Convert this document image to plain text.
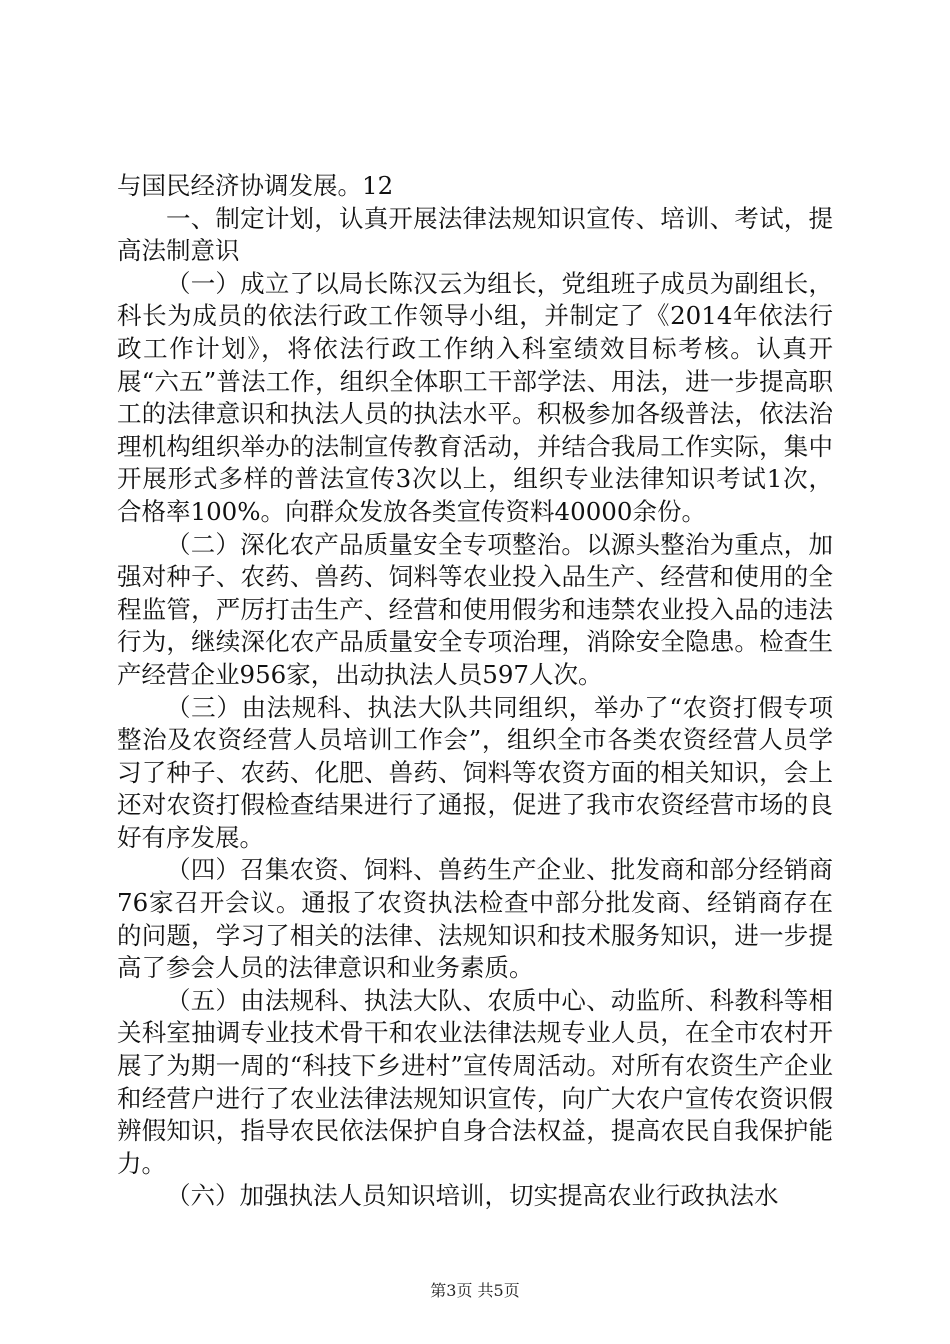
与国民经济协调发展。12

一、制定计划，认真开展法律法规知识宣传、培训、考试，提高法制意识

（一）成立了以局长陈汉云为组长，党组班子成员为副组长，科长为成员的依法行政工作领导小组，并制定了《2014年依法行政工作计划》，将依法行政工作纳入科室绩效目标考核。认真开展“六五”普法工作，组织全体职工干部学法、用法，进一步提高职工的法律意识和执法人员的执法水平。积极参加各级普法，依法治理机构组织举办的法制宣传教育活动，并结合我局工作实际，集中开展形式多样的普法宣传3次以上，组织专业法律知识考试1次，合格率100%。向群众发放各类宣传资料40000余份。

（二）深化农产品质量安全专项整治。以源头整治为重点，加强对种子、农药、兽药、饲料等农业投入品生产、经营和使用的全程监管，严厉打击生产、经营和使用假劣和违禁农业投入品的违法行为，继续深化农产品质量安全专项治理，消除安全隐患。检查生产经营企业956家，出动执法人员597人次。

（三）由法规科、执法大队共同组织，举办了“农资打假专项整治及农资经营人员培训工作会”，组织全市各类农资经营人员学习了种子、农药、化肥、兽药、饲料等农资方面的相关知识，会上还对农资打假检查结果进行了通报，促进了我市农资经营市场的良好有序发展。

（四）召集农资、饲料、兽药生产企业、批发商和部分经销商76家召开会议。通报了农资执法检查中部分批发商、经销商存在的问题，学习了相关的法律、法规知识和技术服务知识，进一步提高了参会人员的法律意识和业务素质。

（五）由法规科、执法大队、农质中心、动监所、科教科等相关科室抽调专业技术骨干和农业法律法规专业人员，在全市农村开展了为期一周的“科技下乡进村”宣传周活动。对所有农资生产企业和经营户进行了农业法律法规知识宣传，向广大农户宣传农资识假辨假知识，指导农民依法保护自身合法权益，提高农民自我保护能力。

（六）加强执法人员知识培训，切实提高农业行政执法水

第3页 共5页
